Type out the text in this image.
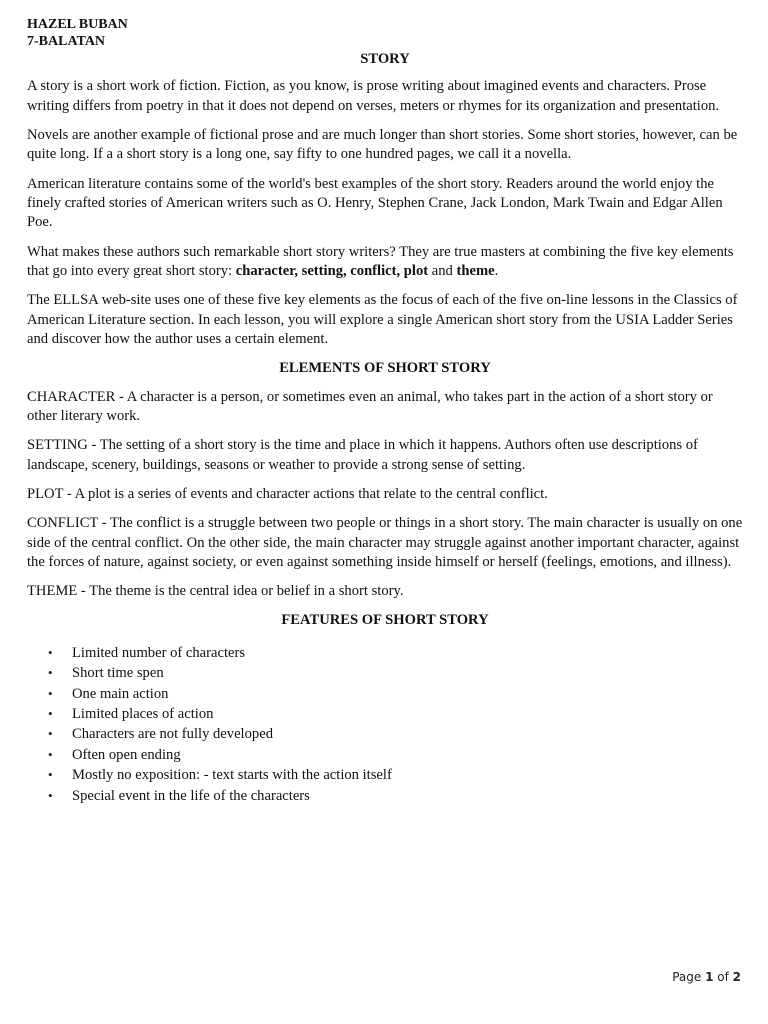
HAZEL BUBAN
7-BALATAN
STORY

A story is a short work of fiction. Fiction, as you know, is prose writing about imagined events and characters. Prose writing differs from poetry in that it does not depend on verses, meters or rhymes for its organization and presentation.

Novels are another example of fictional prose and are much longer than short stories. Some short stories, however, can be quite long. If a a short story is a long one, say fifty to one hundred pages, we call it a novella.

American literature contains some of the world's best examples of the short story. Readers around the world enjoy the finely crafted stories of American writers such as O. Henry, Stephen Crane, Jack London, Mark Twain and Edgar Allen Poe.

What makes these authors such remarkable short story writers? They are true masters at combining the five key elements that go into every great short story: character, setting, conflict, plot and theme.

The ELLSA web-site uses one of these five key elements as the focus of each of the five on-line lessons in the Classics of American Literature section. In each lesson, you will explore a single American short story from the USIA Ladder Series and discover how the author uses a certain element.

ELEMENTS OF SHORT STORY

CHARACTER - A character is a person, or sometimes even an animal, who takes part in the action of a short story or other literary work.

SETTING - The setting of a short story is the time and place in which it happens. Authors often use descriptions of landscape, scenery, buildings, seasons or weather to provide a strong sense of setting.

PLOT - A plot is a series of events and character actions that relate to the central conflict.

CONFLICT - The conflict is a struggle between two people or things in a short story. The main character is usually on one side of the central conflict. On the other side, the main character may struggle against another important character, against the forces of nature, against society, or even against something inside himself or herself (feelings, emotions, and illness).

THEME - The theme is the central idea or belief in a short story.

FEATURES OF SHORT STORY
• Limited number of characters
• Short time spen
• One main action
• Limited places of action
• Characters are not fully developed
• Often open ending
• Mostly no exposition: - text starts with the action itself
• Special event in the life of the characters
Page 1 of 2
